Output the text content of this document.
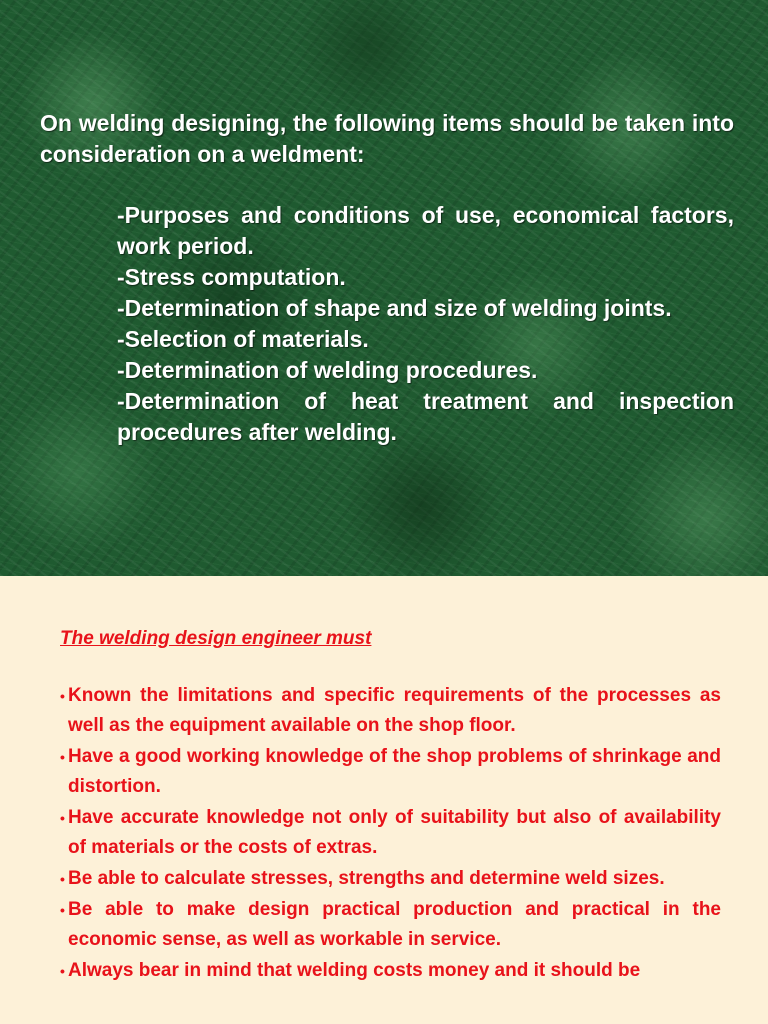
On welding designing, the following items should be taken into consideration on a weldment:

-Purposes and conditions of use, economical factors, work period.
-Stress computation.
-Determination of shape and size of welding joints.
-Selection of materials.
-Determination of welding procedures.
-Determination of heat treatment and inspection procedures after welding.
The welding design engineer must
• Known the limitations and specific requirements of the processes as well as the equipment available on the shop floor.
• Have a good working knowledge of the shop problems of shrinkage and distortion.
• Have accurate knowledge not only of suitability but also of availability of materials or the costs of extras.
• Be able to calculate stresses, strengths and determine weld sizes.
• Be able to make design practical production and practical in the economic sense, as well as workable in service.
• Always bear in mind that welding costs money and it should be
